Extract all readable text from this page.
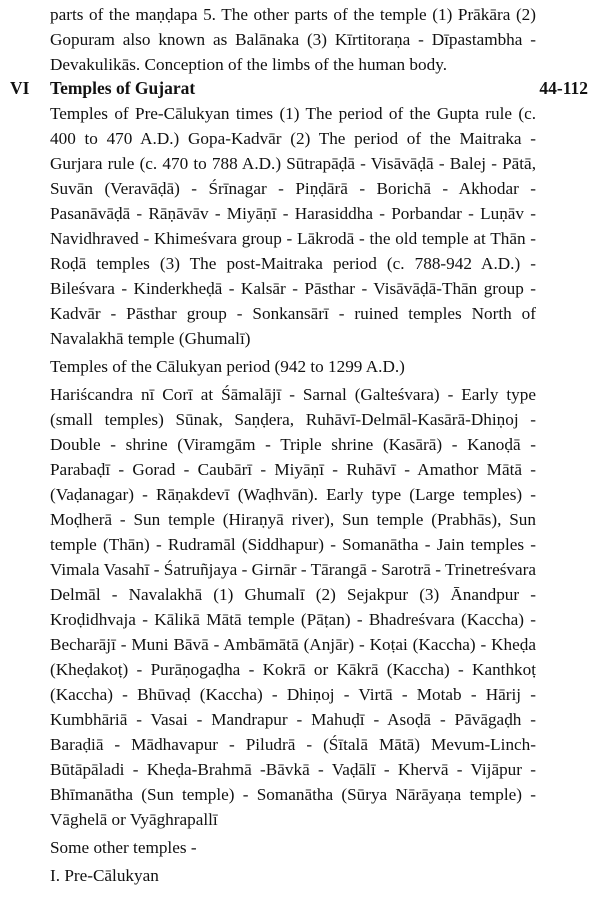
parts of the maṇḍapa 5. The other parts of the temple (1) Prākāra (2)
Gopuram also known as Balānaka (3) Kīrtitoraṇa - Dīpastambha -
Devakulikās. Conception of the limbs of the human body.
VI Temples of Gujarat	44-112
Temples of Pre-Cālukyan times (1) The period of the Gupta rule (c.
400 to 470 A.D.) Gopa-Kadvār (2) The period of the Maitraka -
Gurjara rule (c. 470 to 788 A.D.) Sūtrapāḍā - Visāvāḍā - Balej - Pātā,
Suvān (Veravāḍā) - Śrīnagar - Piṇḍārā - Borichā - Akhodar -
Pasanāvāḍā - Rāṇāvāv - Miyāṇī - Harasiddha - Porbandar - Luṇāv -
Navidhraved - Khimeśvara group - Lākrodā - the old temple at Thān -
Roḍā temples (3) The post-Maitraka period (c. 788-942 A.D.) -
Bileśvara - Kinderkheḍā - Kalsār - Pāsthar - Visāvāḍā-Thān group -
Kadvār - Pāsthar group - Sonkansārī - ruined temples North of
Navalakhā temple (Ghumalī)
Temples of the Cālukyan period (942 to 1299 A.D.)
Hariścandra nī Corī at Śāmalājī - Sarnal (Galteśvara) - Early type
(small temples) Sūnak, Saṇḍera, Ruhāvī-Delmāl-Kasārā-Dhiṇoj -
Double - shrine (Viramgām - Triple shrine (Kasārā) - Kanoḍā -
Parabaḍī - Gorad - Caubārī - Miyāṇī - Ruhāvī - Amathor Mātā -
(Vaḍanagar) - Rāṇakdevī (Waḍhvān). Early type (Large temples) -
Moḍherā - Sun temple (Hiraṇyā river), Sun temple (Prabhās), Sun
temple (Thān) - Rudramāl (Siddhapur) - Somanātha - Jain temples -
Vimala Vasahī - Śatruñjaya - Girnār - Tārangā - Sarotrā - Trinetreśvara
Delmāl - Navalakhā (1) Ghumalī (2) Sejakpur (3) Ānandpur -
Kroḍidhvaja - Kālikā Mātā temple (Pāṭan) - Bhadreśvara (Kaccha) -
Becharājī - Muni Bāvā - Ambāmātā (Anjār) - Koṭai (Kaccha) - Kheḍa
(Kheḍakoṭ) - Purāṇogaḍha - Kokrā or Kākrā (Kaccha) - Kanthkoṭ
(Kaccha) - Bhūvaḍ (Kaccha) - Dhiṇoj - Virtā - Motab - Hārij -
Kumbhāriā - Vasai - Mandrapur - Mahuḍī - Asoḍā - Pāvāgaḍh -
Baraḍiā - Mādhavapur - Piludrā - (Śītalā Mātā) Mevum-Linch-
Būtāpāladi - Kheḍa-Brahmā -Bāvkā - Vaḍālī - Khervā - Vijāpur -
Bhīmanātha (Sun temple) - Somanātha (Sūrya Nārāyaṇa temple) -
Vāghelā or Vyāghrapallī
Some other temples -
I. Pre-Cālukyan
